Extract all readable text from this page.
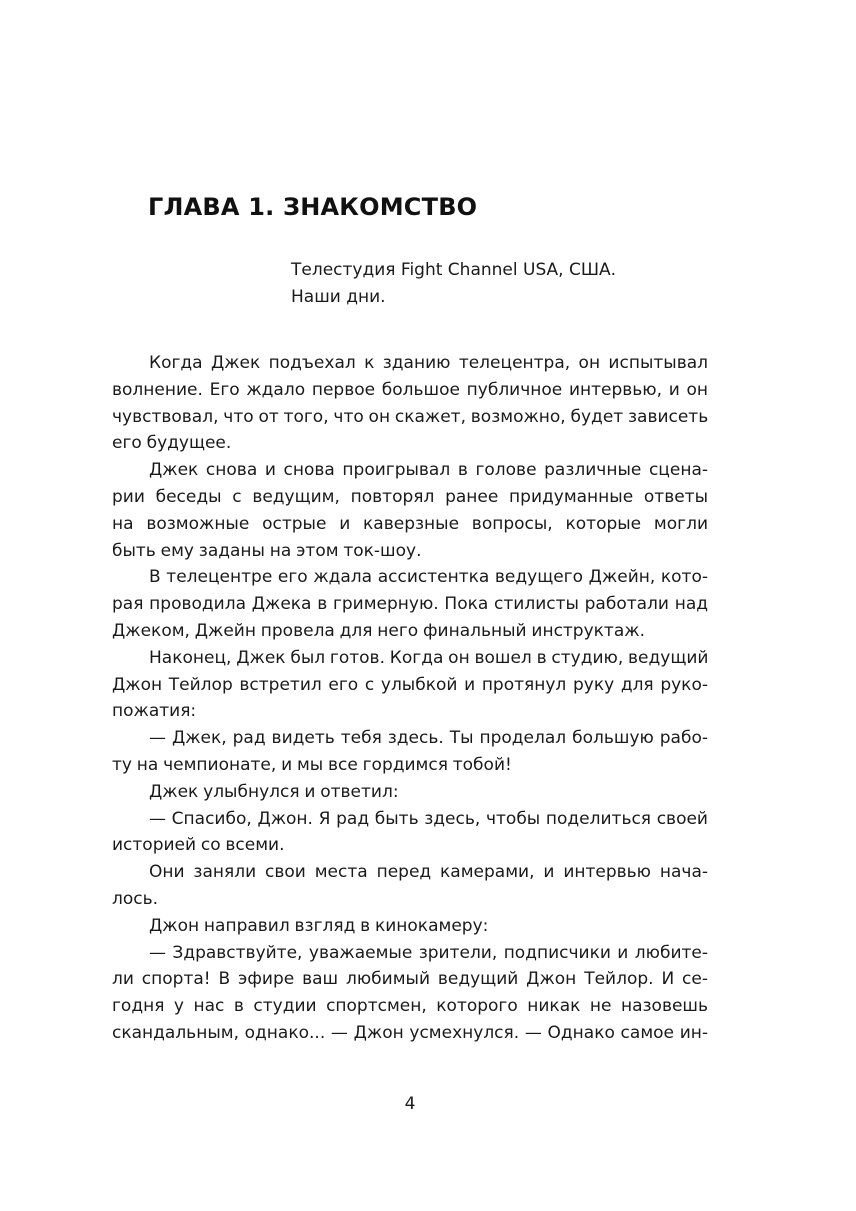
ГЛАВА 1. ЗНАКОМСТВО
Телестудия Fight Channel USA, США.
Наши дни.
Когда Джек подъехал к зданию телецентра, он испытывал
волнение. Его ждало первое большое публичное интервью, и он
чувствовал, что от того, что он скажет, возможно, будет зависеть
его будущее.
Джек снова и снова проигрывал в голове различные сцена-
рии беседы с ведущим, повторял ранее придуманные ответы
на возможные острые и каверзные вопросы, которые могли
быть ему заданы на этом ток-шоу.
В телецентре его ждала ассистентка ведущего Джейн, кото-
рая проводила Джека в гримерную. Пока стилисты работали над
Джеком, Джейн провела для него финальный инструктаж.
Наконец, Джек был готов. Когда он вошел в студию, ведущий
Джон Тейлор встретил его с улыбкой и протянул руку для руко-
пожатия:
— Джек, рад видеть тебя здесь. Ты проделал большую рабо-
ту на чемпионате, и мы все гордимся тобой!
Джек улыбнулся и ответил:
— Спасибо, Джон. Я рад быть здесь, чтобы поделиться своей
историей со всеми.
Они заняли свои места перед камерами, и интервью нача-
лось.
Джон направил взгляд в кинокамеру:
— Здравствуйте, уважаемые зрители, подписчики и любите-
ли спорта! В эфире ваш любимый ведущий Джон Тейлор. И се-
годня у нас в студии спортсмен, которого никак не назовешь
скандальным, однако... — Джон усмехнулся. — Однако самое ин-
4
